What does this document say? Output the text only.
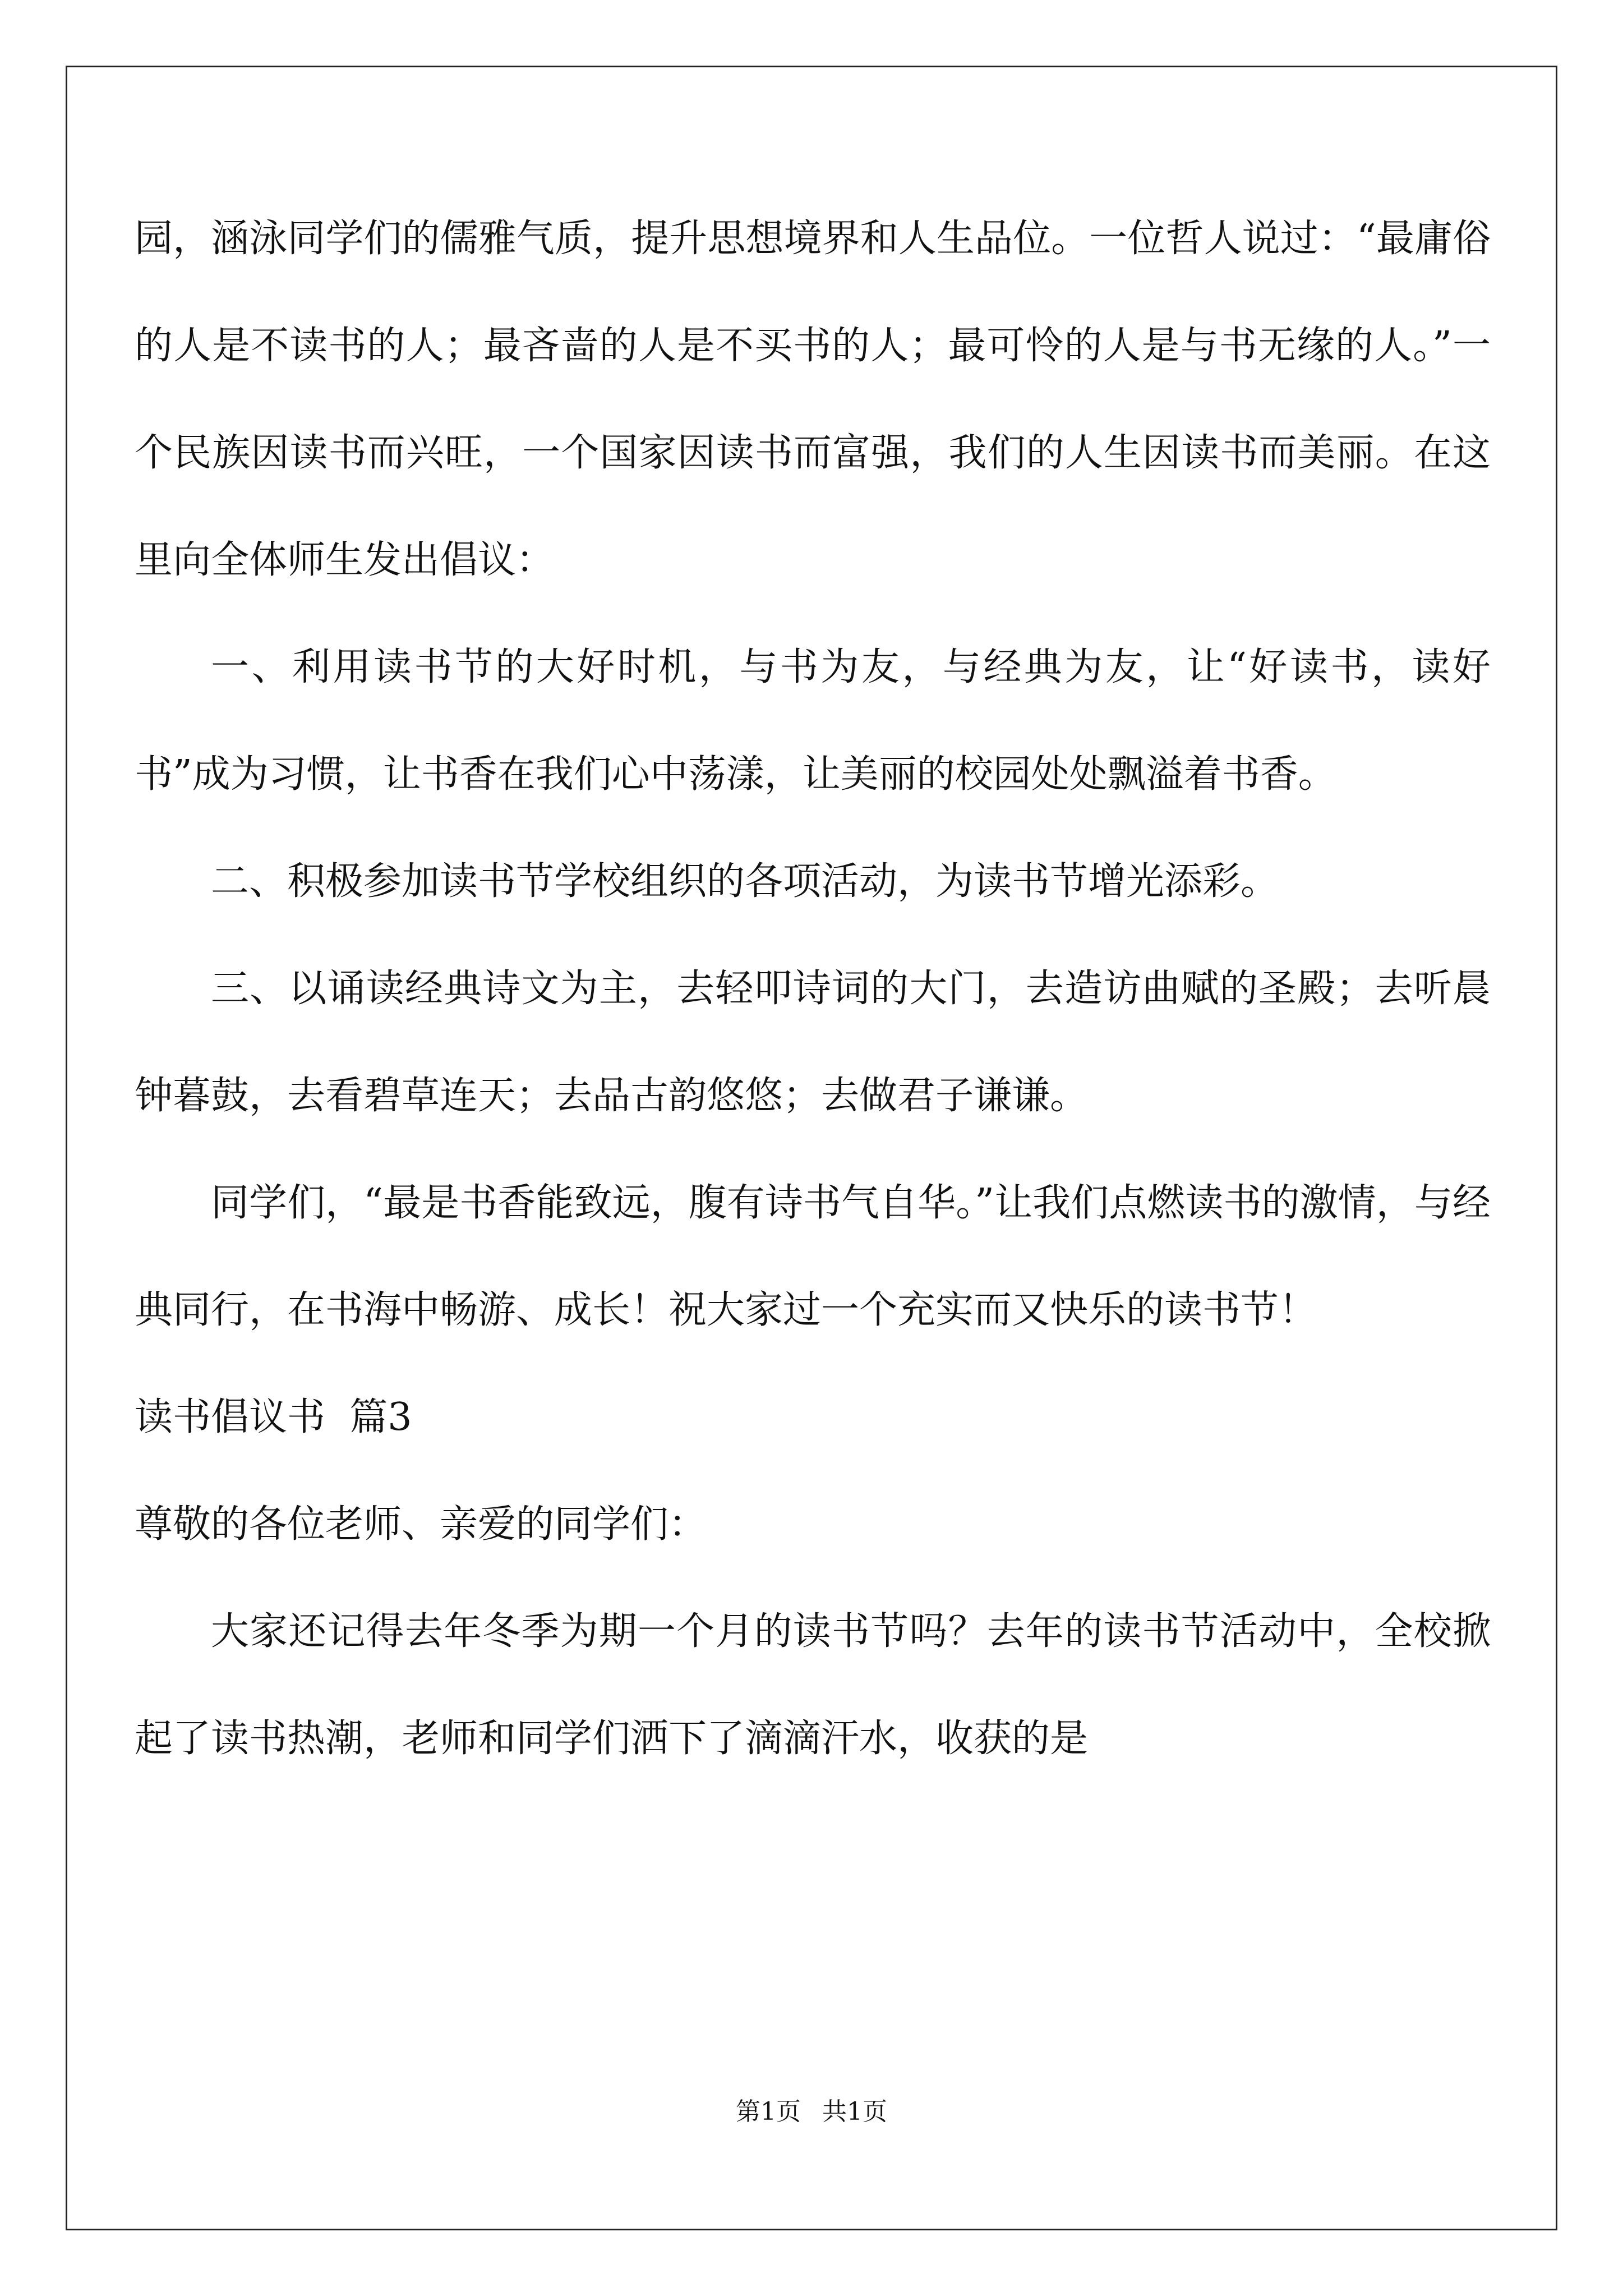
园，涵泳同学们的儒雅气质，提升思想境界和人生品位。一位哲人说过：“最庸俗的人是不读书的人；最吝啬的人是不买书的人；最可怜的人是与书无缘的人。”一个民族因读书而兴旺，一个国家因读书而富强，我们的人生因读书而美丽。在这里向全体师生发出倡议：

一、利用读书节的大好时机，与书为友，与经典为友，让“好读书，读好书”成为习惯，让书香在我们心中荡漾，让美丽的校园处处飘溢着书香。

二、积极参加读书节学校组织的各项活动，为读书节增光添彩。

三、以诵读经典诗文为主，去轻叩诗词的大门，去造访曲赋的圣殿；去听晨钟暮鼓，去看碧草连天；去品古韵悠悠；去做君子谦谦。

同学们，“最是书香能致远，腹有诗书气自华。”让我们点燃读书的激情，与经典同行，在书海中畅游、成长！祝大家过一个充实而又快乐的读书节！

读书倡议书  篇3

尊敬的各位老师、亲爱的同学们：

大家还记得去年冬季为期一个月的读书节吗？去年的读书节活动中，全校掀起了读书热潮，老师和同学们洒下了滴滴汗水，收获的是

第1页 共1页
